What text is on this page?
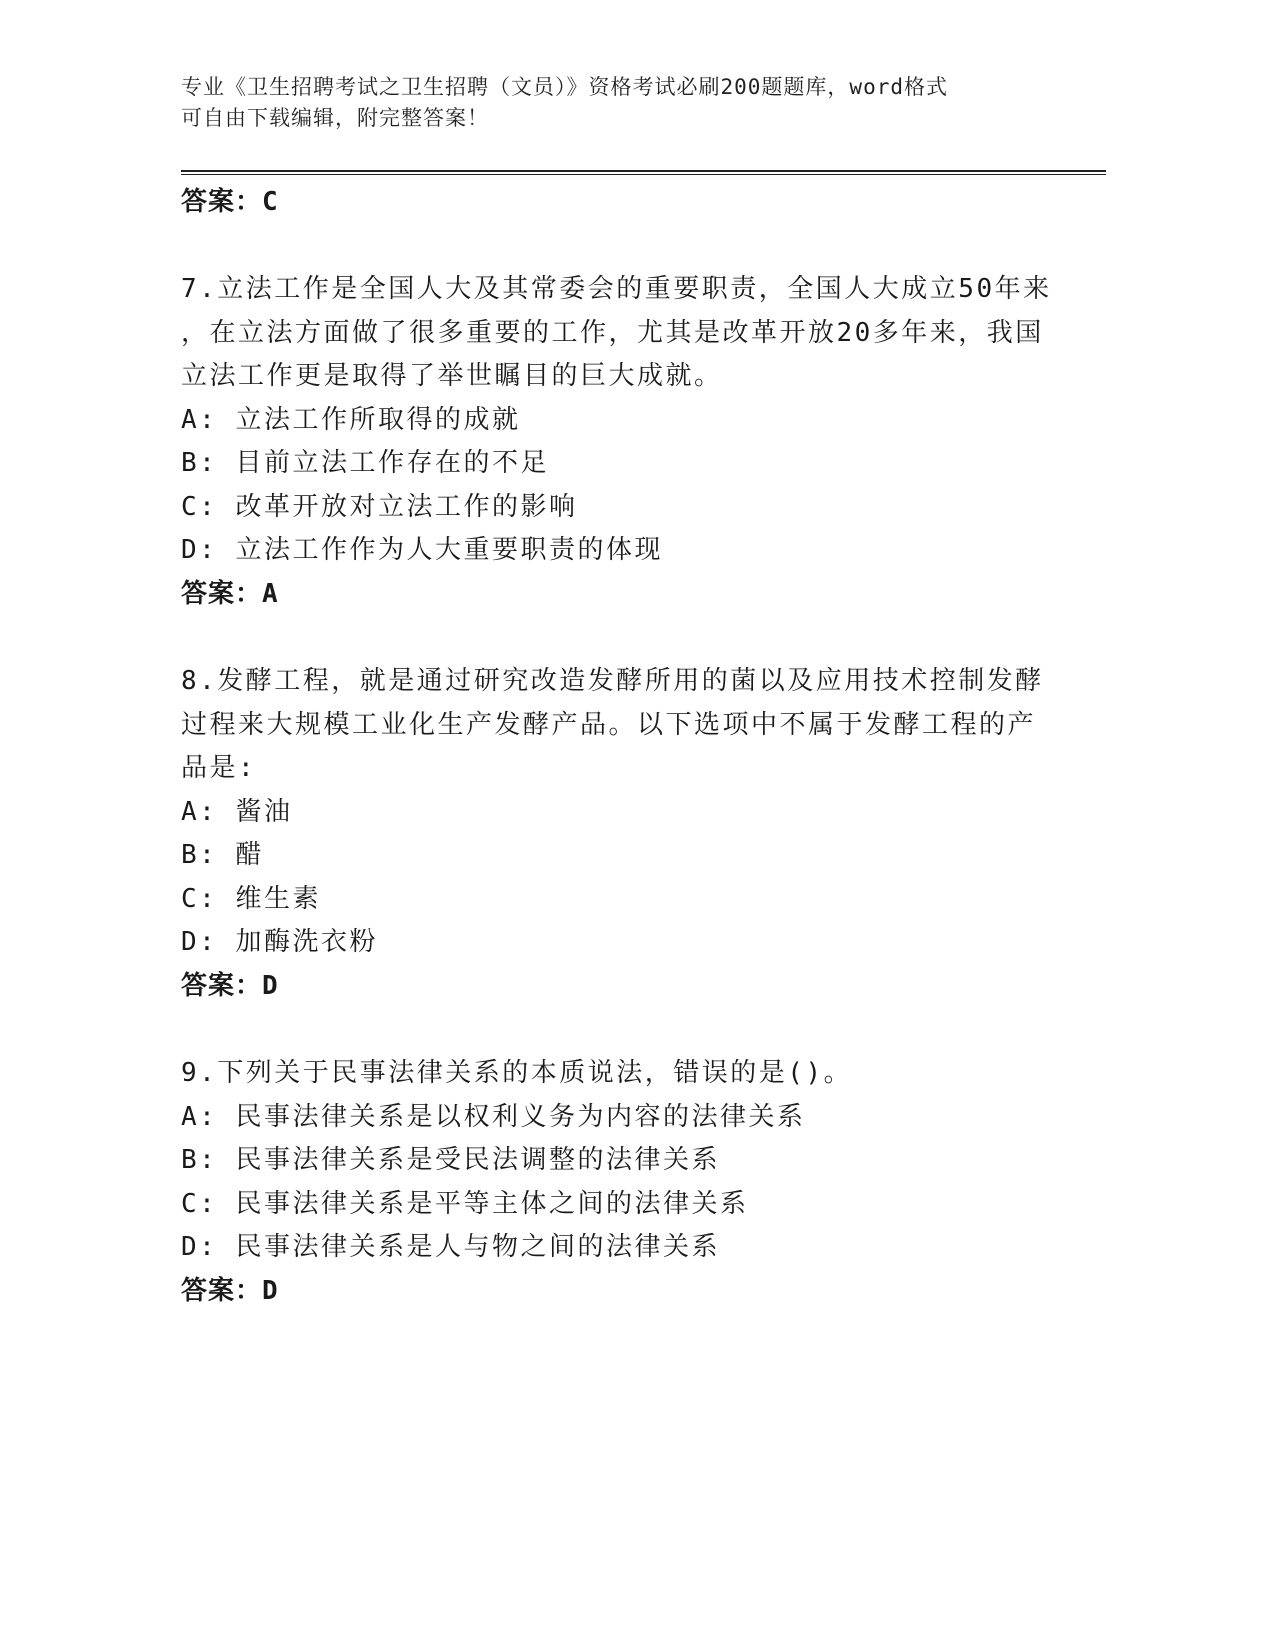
专业《卫生招聘考试之卫生招聘（文员）》资格考试必刷200题题库，word格式
可自由下载编辑，附完整答案！
答案：C
7.立法工作是全国人大及其常委会的重要职责，全国人大成立50年来
，在立法方面做了很多重要的工作，尤其是改革开放20多年来，我国
立法工作更是取得了举世瞩目的巨大成就。
A: 立法工作所取得的成就
B: 目前立法工作存在的不足
C: 改革开放对立法工作的影响
D: 立法工作作为人大重要职责的体现
答案：A
8.发酵工程，就是通过研究改造发酵所用的菌以及应用技术控制发酵
过程来大规模工业化生产发酵产品。以下选项中不属于发酵工程的产
品是:
A: 酱油
B: 醋
C: 维生素
D: 加酶洗衣粉
答案：D
9.下列关于民事法律关系的本质说法，错误的是()。
A: 民事法律关系是以权利义务为内容的法律关系
B: 民事法律关系是受民法调整的法律关系
C: 民事法律关系是平等主体之间的法律关系
D: 民事法律关系是人与物之间的法律关系
答案：D
